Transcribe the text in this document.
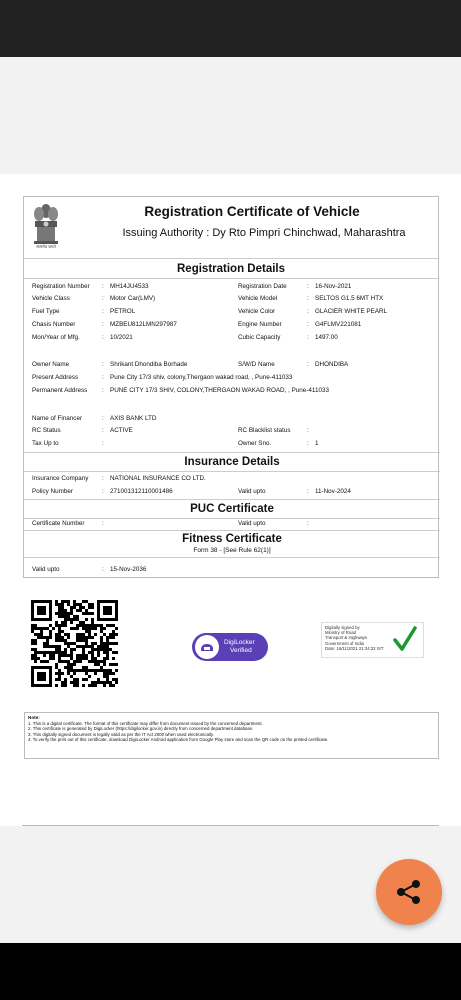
सत्यमेव जयते
Registration Certificate of Vehicle
Issuing Authority : Dy Rto Pimpri Chinchwad, Maharashtra
Registration Details
Registration Number : MH14JU4533	Registration Date	: 16-Nov-2021
Vehicle Class	: Motor Car(LMV)	Vehicle Model	: SELTOS G1.5 6MT HTX
Fuel Type	: PETROL	Vehicle Color	: GLACIER WHITE PEARL
Chasis Number	: MZBEU812LMN297987	Engine Number	: G4FLMV221081
Mon/Year of Mfg.	: 10/2021	Cubic Capacity	: 1497.00
Owner Name	: Shrikant Dhondiba Borhade	S/W/D Name	: DHONDIBA
Present Address	: Pune City 17/3 shiv, colony,Thergaon wakad road, , Pune-411033
Permanent Address : PUNE CITY 17/3 SHIV, COLONY,THERGAON WAKAD ROAD, , Pune-411033
Name of Financer	: AXIS BANK LTD
RC Status	: ACTIVE	RC Blacklist status	:
Tax Up to	:	Owner Sno.	: 1
Insurance Details
Insurance Company : NATIONAL INSURANCE CO LTD.
Policy Number	: 271001312110001486	Valid upto	: 11-Nov-2024
PUC Certificate
Certificate Number	:	Valid upto	:
Fitness Certificate
Form 38 - [See Rule 62(1)]
Valid upto	: 15-Nov-2036
DigiLocker
Verified
Digitally signed by
Ministry of Road
Transport & Highways
Government of India
Date: 16/11/2021 21:34:32 IST
Note:
1. This is a digital certificate. The format of this certificate may differ from document issued by the concerned department.
2. This certificate is generated by DigiLocker (https://digilocker.gov.in) directly from concerned department database.
3. This digitally signed document is legally valid as per the IT Act 2000 when used electronically.
4. To verify the print out of this certificate, download DigiLocker Android application from Google Play store and scan the QR code on the printed certificate.
